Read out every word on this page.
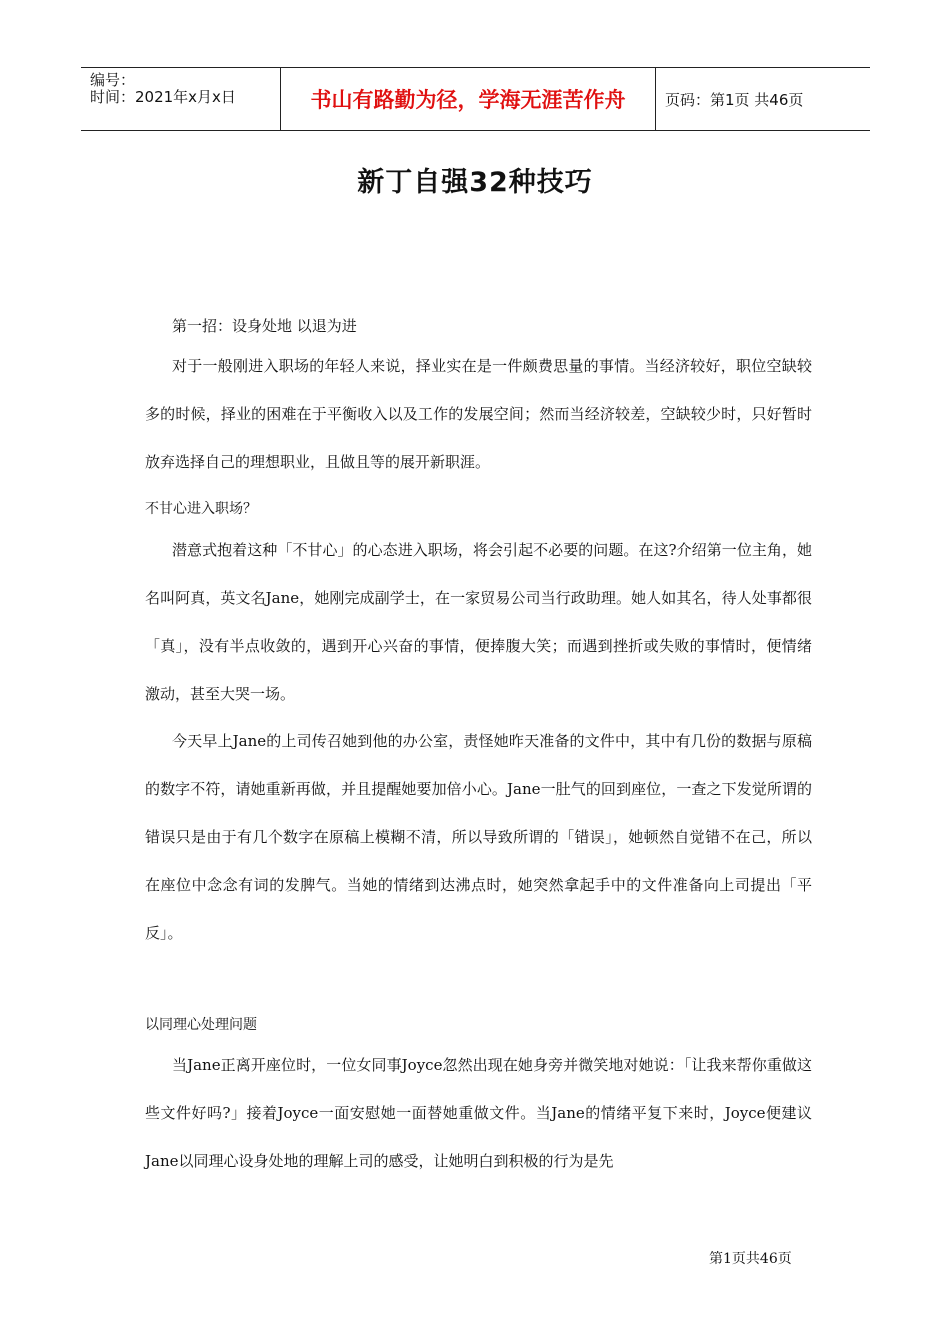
编号：
时间：2021年x月x日	书山有路勤为径，学海无涯苦作舟	页码：第1页 共46页
新丁自强32种技巧
第一招：设身处地 以退为进

对于一般刚进入职场的年轻人来说，择业实在是一件颇费思量的事情。当经济较好，职位空缺较多的时候，择业的困难在于平衡收入以及工作的发展空间；然而当经济较差，空缺较少时，只好暂时放弃选择自己的理想职业，且做且等的展开新职涯。

不甘心进入职场？

潜意式抱着这种「不甘心」的心态进入职场，将会引起不必要的问题。在这?介绍第一位主角，她名叫阿真，英文名Jane，她刚完成副学士，在一家贸易公司当行政助理。她人如其名，待人处事都很「真」，没有半点收敛的，遇到开心兴奋的事情，便捧腹大笑；而遇到挫折或失败的事情时，便情绪激动，甚至大哭一场。

今天早上Jane的上司传召她到他的办公室，责怪她昨天准备的文件中，其中有几份的数据与原稿的数字不符，请她重新再做，并且提醒她要加倍小心。Jane一肚气的回到座位，一查之下发觉所谓的错误只是由于有几个数字在原稿上模糊不清，所以导致所谓的「错误」，她顿然自觉错不在己，所以在座位中念念有词的发脾气。当她的情绪到达沸点时，她突然拿起手中的文件准备向上司提出「平反」。

以同理心处理问题

当Jane正离开座位时，一位女同事Joyce忽然出现在她身旁并微笑地对她说：「让我来帮你重做这些文件好吗?」接着Joyce一面安慰她一面替她重做文件。当Jane的情绪平复下来时，Joyce便建议Jane以同理心设身处地的理解上司的感受，让她明白到积极的行为是先

第1页共46页
